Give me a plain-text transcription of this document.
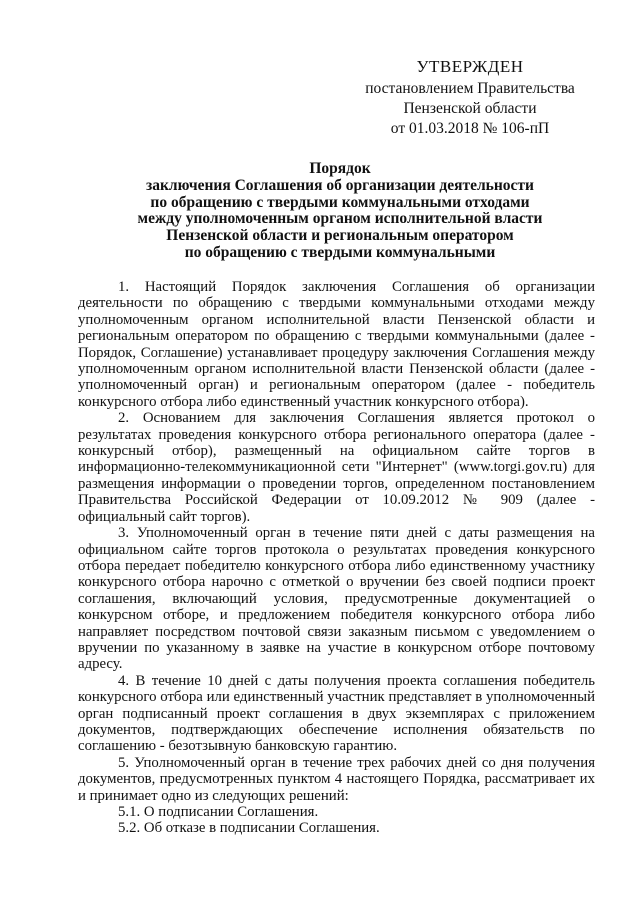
УТВЕРЖДЕН
постановлением Правительства
Пензенской области
от 01.03.2018 № 106-пП
Порядок
заключения Соглашения об организации деятельности
по обращению с твердыми коммунальными отходами
между уполномоченным органом исполнительной власти
Пензенской области и региональным оператором
по обращению с твердыми коммунальными

1. Настоящий Порядок заключения Соглашения об организации деятельности по обращению с твердыми коммунальными отходами между уполномоченным органом исполнительной власти Пензенской области и региональным оператором по обращению с твердыми коммунальными (далее - Порядок, Соглашение) устанавливает процедуру заключения Соглашения между уполномоченным органом исполнительной власти Пензенской области (далее - уполномоченный орган) и региональным оператором (далее - победитель конкурсного отбора либо единственный участник конкурсного отбора).

2. Основанием для заключения Соглашения является протокол о результатах проведения конкурсного отбора регионального оператора (далее - конкурсный отбор), размещенный на официальном сайте торгов в информационно-телекоммуникационной сети "Интернет" (www.torgi.gov.ru) для размещения информации о проведении торгов, определенном постановлением Правительства Российской Федерации от 10.09.2012 № 909 (далее - официальный сайт торгов).

3. Уполномоченный орган в течение пяти дней с даты размещения на официальном сайте торгов протокола о результатах проведения конкурсного отбора передает победителю конкурсного отбора либо единственному участнику конкурсного отбора нарочно с отметкой о вручении без своей подписи проект соглашения, включающий условия, предусмотренные документацией о конкурсном отборе, и предложением победителя конкурсного отбора либо направляет посредством почтовой связи заказным письмом с уведомлением о вручении по указанному в заявке на участие в конкурсном отборе почтовому адресу.

4. В течение 10 дней с даты получения проекта соглашения победитель конкурсного отбора или единственный участник представляет в уполномоченный орган подписанный проект соглашения в двух экземплярах с приложением документов, подтверждающих обеспечение исполнения обязательств по соглашению - безотзывную банковскую гарантию.

5. Уполномоченный орган в течение трех рабочих дней со дня получения документов, предусмотренных пунктом 4 настоящего Порядка, рассматривает их и принимает одно из следующих решений:

5.1. О подписании Соглашения.

5.2. Об отказе в подписании Соглашения.
